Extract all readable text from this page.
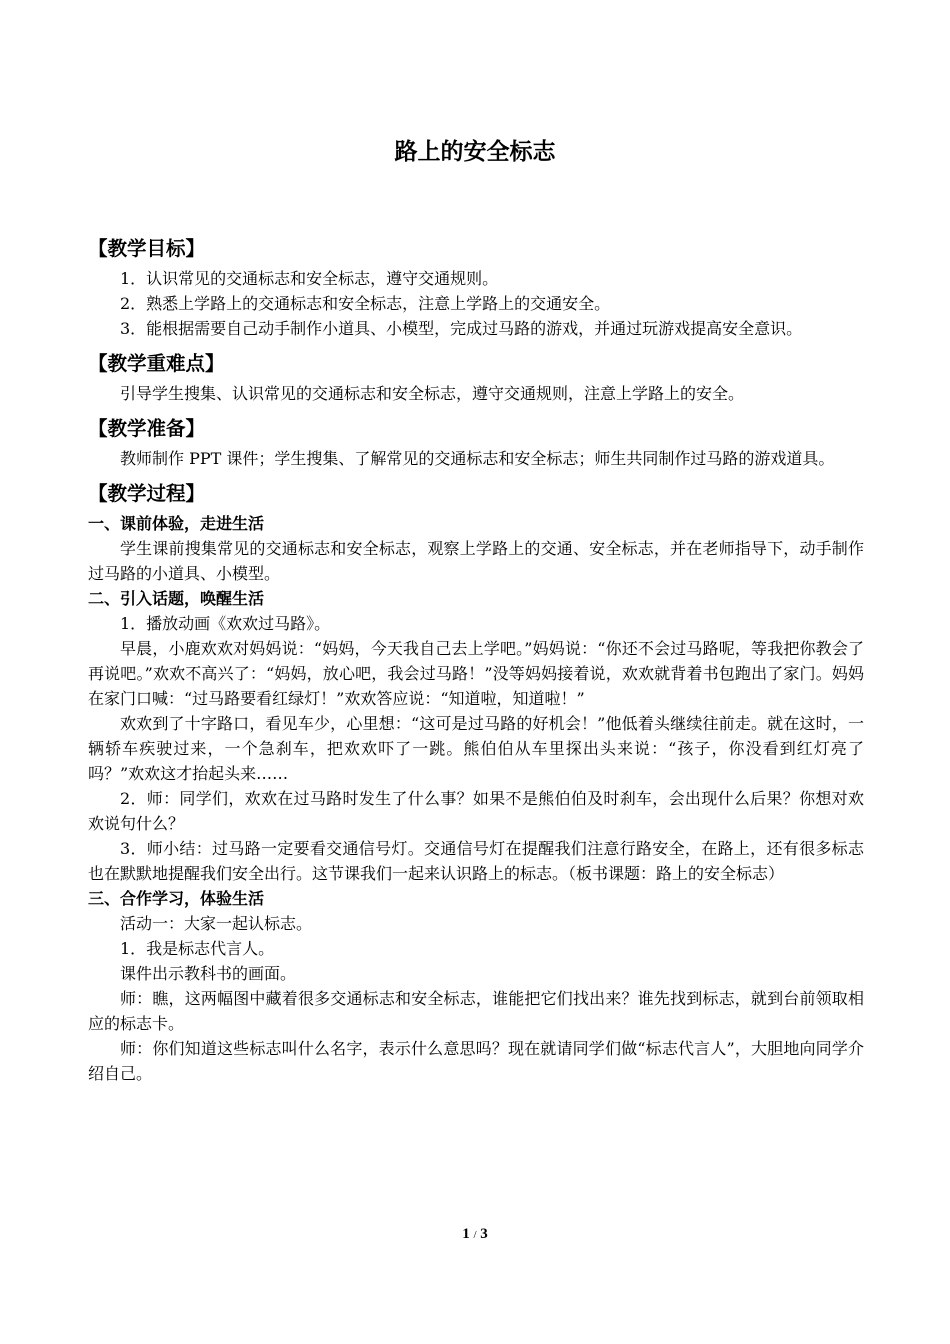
路上的安全标志
【教学目标】

1．认识常见的交通标志和安全标志，遵守交通规则。

2．熟悉上学路上的交通标志和安全标志，注意上学路上的交通安全。

3．能根据需要自己动手制作小道具、小模型，完成过马路的游戏，并通过玩游戏提高安全意识。

【教学重难点】

引导学生搜集、认识常见的交通标志和安全标志，遵守交通规则，注意上学路上的安全。

【教学准备】

教师制作 PPT 课件；学生搜集、了解常见的交通标志和安全标志；师生共同制作过马路的游戏道具。

【教学过程】
一、课前体验，走进生活

学生课前搜集常见的交通标志和安全标志，观察上学路上的交通、安全标志，并在老师指导下，动手制作过马路的小道具、小模型。

二、引入话题，唤醒生活

1．播放动画《欢欢过马路》。

早晨，小鹿欢欢对妈妈说：“妈妈，今天我自己去上学吧。”妈妈说：“你还不会过马路呢，等我把你教会了再说吧。”欢欢不高兴了：“妈妈，放心吧，我会过马路！”没等妈妈接着说，欢欢就背着书包跑出了家门。妈妈在家门口喊：“过马路要看红绿灯！”欢欢答应说：“知道啦，知道啦！”

欢欢到了十字路口，看见车少，心里想：“这可是过马路的好机会！”他低着头继续往前走。就在这时，一辆轿车疾驶过来，一个急刹车，把欢欢吓了一跳。熊伯伯从车里探出头来说：“孩子，你没看到红灯亮了吗？”欢欢这才抬起头来……

2．师：同学们，欢欢在过马路时发生了什么事？如果不是熊伯伯及时刹车，会出现什么后果？你想对欢欢说句什么？

3．师小结：过马路一定要看交通信号灯。交通信号灯在提醒我们注意行路安全，在路上，还有很多标志也在默默地提醒我们安全出行。这节课我们一起来认识路上的标志。（板书课题：路上的安全标志）

三、合作学习，体验生活

活动一：大家一起认标志。

1．我是标志代言人。

课件出示教科书的画面。

师：瞧，这两幅图中藏着很多交通标志和安全标志，谁能把它们找出来？谁先找到标志，就到台前领取相应的标志卡。

师：你们知道这些标志叫什么名字，表示什么意思吗？现在就请同学们做“标志代言人”，大胆地向同学介绍自己。

1 / 3
